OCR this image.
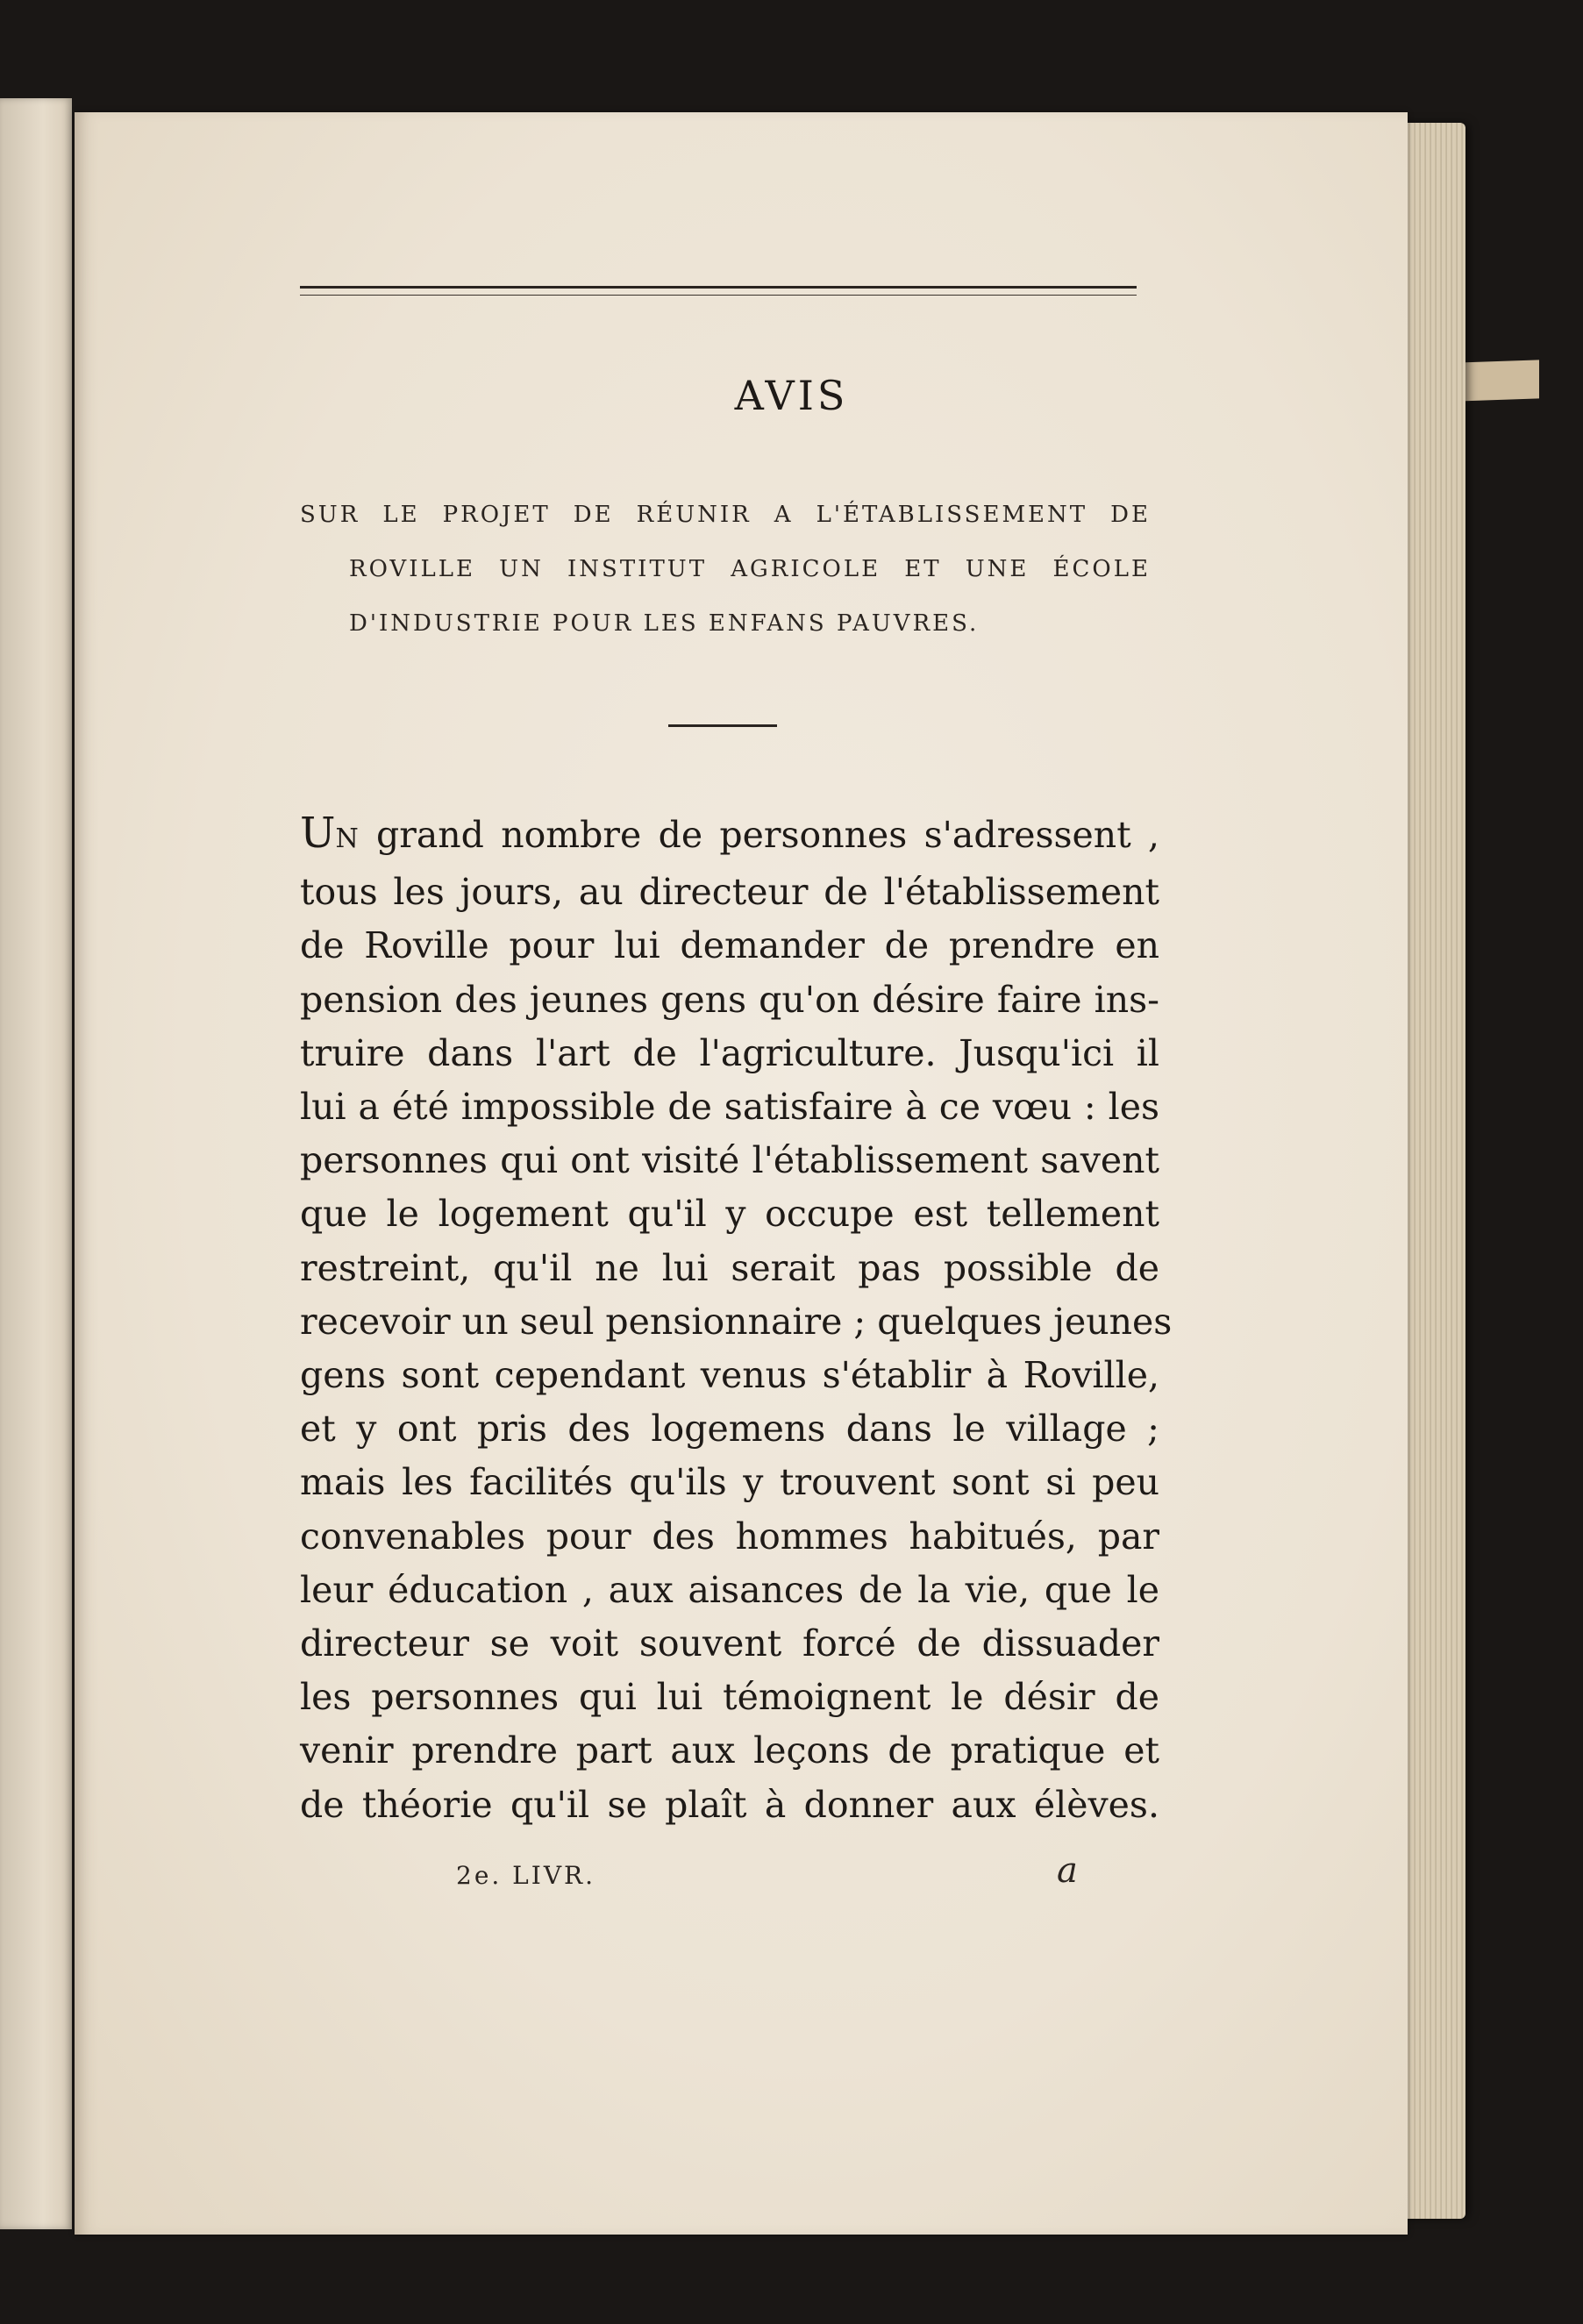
AVIS
SUR LE PROJET DE RÉUNIR A L'ÉTABLISSEMENT DE
ROVILLE UN INSTITUT AGRICOLE ET UNE ÉCOLE
D'INDUSTRIE POUR LES ENFANS PAUVRES.
UN grand nombre de personnes s'adressent ,
tous les jours, au directeur de l'établissement
de Roville pour lui demander de prendre en
pension des jeunes gens qu'on désire faire ins-
truire dans l'art de l'agriculture. Jusqu'ici il
lui a été impossible de satisfaire à ce vœu : les
personnes qui ont visité l'établissement savent
que le logement qu'il y occupe est tellement
restreint, qu'il ne lui serait pas possible de
recevoir un seul pensionnaire ; quelques jeunes
gens sont cependant venus s'établir à Roville,
et y ont pris des logemens dans le village ;
mais les facilités qu'ils y trouvent sont si peu
convenables pour des hommes habitués, par
leur éducation , aux aisances de la vie, que le
directeur se voit souvent forcé de dissuader
les personnes qui lui témoignent le désir de
venir prendre part aux leçons de pratique et
de théorie qu'il se plaît à donner aux élèves.
2e. LIVR.	a
